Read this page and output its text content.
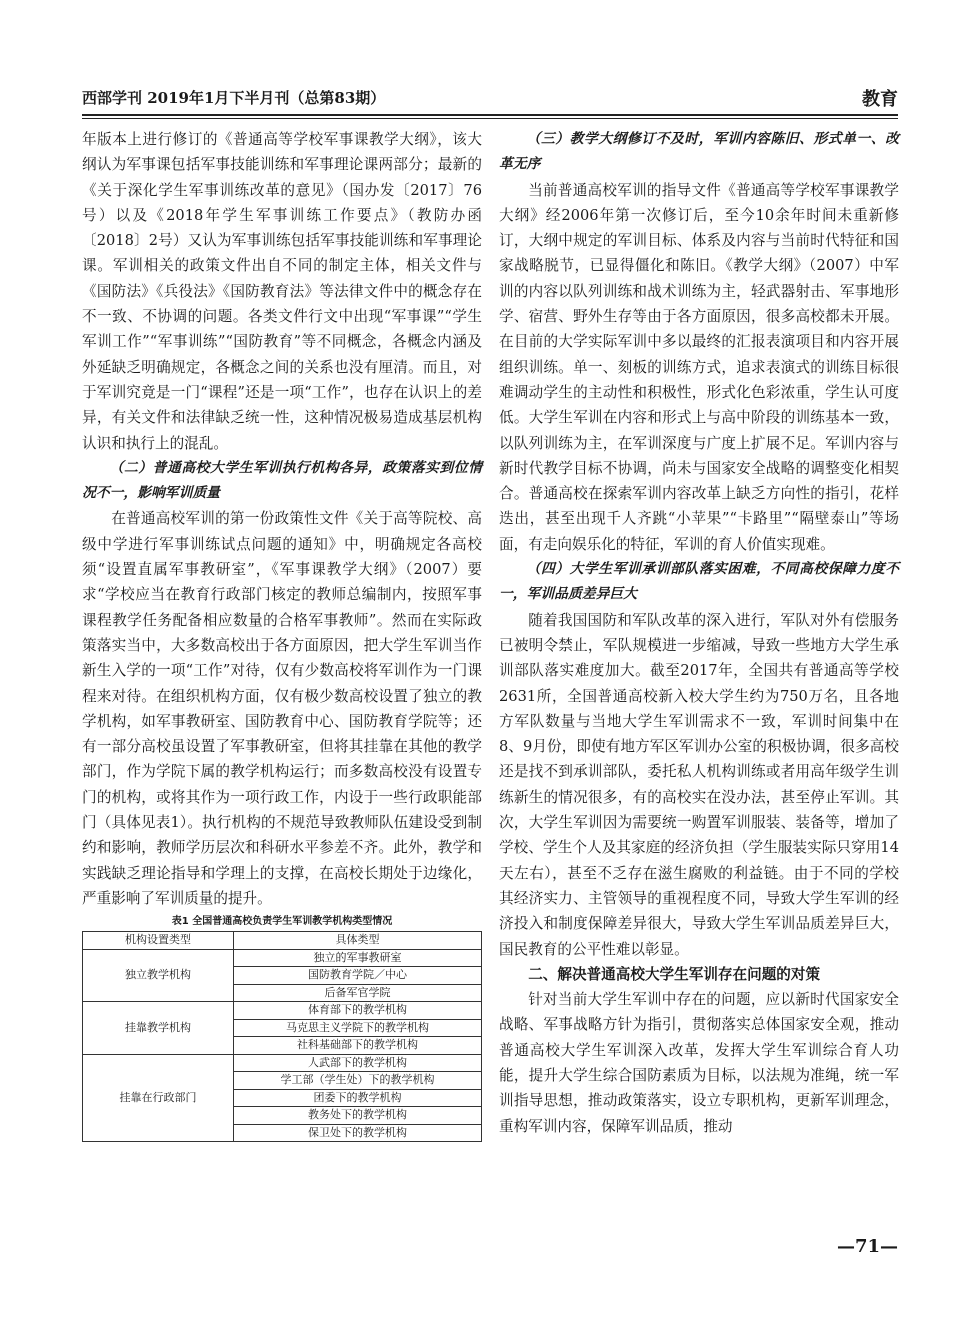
西部学刊 2019年1月下半月刊（总第83期）	教育

年版本上进行修订的《普通高等学校军事课教学大纲》，该大纲认为军事课包括军事技能训练和军事理论课两部分；最新的《关于深化学生军事训练改革的意见》（国办发〔2017〕76号）以及《2018年学生军事训练工作要点》（教防办函〔2018〕2号）又认为军事训练包括军事技能训练和军事理论课。军训相关的政策文件出自不同的制定主体，相关文件与《国防法》《兵役法》《国防教育法》等法律文件中的概念存在不一致、不协调的问题。各类文件行文中出现“军事课”“学生军训工作”“军事训练”“国防教育”等不同概念，各概念内涵及外延缺乏明确规定，各概念之间的关系也没有厘清。而且，对于军训究竟是一门“课程”还是一项“工作”，也存在认识上的差异，有关文件和法律缺乏统一性，这种情况极易造成基层机构认识和执行上的混乱。

（二）普通高校大学生军训执行机构各异，政策落实到位情况不一，影响军训质量

在普通高校军训的第一份政策性文件《关于高等院校、高级中学进行军事训练试点问题的通知》中，明确规定各高校须“设置直属军事教研室”，《军事课教学大纲》（2007）要求“学校应当在教育行政部门核定的教师总编制内，按照军事课程教学任务配备相应数量的合格军事教师”。然而在实际政策落实当中，大多数高校出于各方面原因，把大学生军训当作新生入学的一项“工作”对待，仅有少数高校将军训作为一门课程来对待。在组织机构方面，仅有极少数高校设置了独立的教学机构，如军事教研室、国防教育中心、国防教育学院等；还有一部分高校虽设置了军事教研室，但将其挂靠在其他的教学部门，作为学院下属的教学机构运行；而多数高校没有设置专门的机构，或将其作为一项行政工作，内设于一些行政职能部门（具体见表1）。执行机构的不规范导致教师队伍建设受到制约和影响，教师学历层次和科研水平参差不齐。此外，教学和实践缺乏理论指导和学理上的支撑，在高校长期处于边缘化，严重影响了军训质量的提升。

表1 全国普通高校负责学生军训教学机构类型情况
机构设置类型	具体类型
独立教学机构	独立的军事教研室
	国防教育学院／中心
	后备军官学院
挂靠教学机构	体育部下的教学机构
	马克思主义学院下的教学机构
	社科基础部下的教学机构
挂靠在行政部门	人武部下的教学机构
	学工部（学生处）下的教学机构
	团委下的教学机构
	教务处下的教学机构
	保卫处下的教学机构

（三）教学大纲修订不及时，军训内容陈旧、形式单一、改革无序

当前普通高校军训的指导文件《普通高等学校军事课教学大纲》经2006年第一次修订后，至今10余年时间未重新修订，大纲中规定的军训目标、体系及内容与当前时代特征和国家战略脱节，已显得僵化和陈旧。《教学大纲》（2007）中军训的内容以队列训练和战术训练为主，轻武器射击、军事地形学、宿营、野外生存等由于各方面原因，很多高校都未开展。在目前的大学实际军训中多以最终的汇报表演项目和内容开展组织训练。单一、刻板的训练方式，追求表演式的训练目标很难调动学生的主动性和积极性，形式化色彩浓重，学生认可度低。大学生军训在内容和形式上与高中阶段的训练基本一致，以队列训练为主，在军训深度与广度上扩展不足。军训内容与新时代教学目标不协调，尚未与国家安全战略的调整变化相契合。普通高校在探索军训内容改革上缺乏方向性的指引，花样迭出，甚至出现千人齐跳“小苹果”“卡路里”“隔壁泰山”等场面，有走向娱乐化的特征，军训的育人价值实现难。

（四）大学生军训承训部队落实困难，不同高校保障力度不一，军训品质差异巨大

随着我国国防和军队改革的深入进行，军队对外有偿服务已被明令禁止，军队规模进一步缩减，导致一些地方大学生承训部队落实难度加大。截至2017年，全国共有普通高等学校2631所，全国普通高校新入校大学生约为750万名，且各地方军队数量与当地大学生军训需求不一致，军训时间集中在8、9月份，即使有地方军区军训办公室的积极协调，很多高校还是找不到承训部队，委托私人机构训练或者用高年级学生训练新生的情况很多，有的高校实在没办法，甚至停止军训。其次，大学生军训因为需要统一购置军训服装、装备等，增加了学校、学生个人及其家庭的经济负担（学生服装实际只穿用14天左右），甚至不乏存在滋生腐败的利益链。由于不同的学校其经济实力、主管领导的重视程度不同，导致大学生军训的经济投入和制度保障差异很大，导致大学生军训品质差异巨大，国民教育的公平性难以彰显。

二、解决普通高校大学生军训存在问题的对策

针对当前大学生军训中存在的问题，应以新时代国家安全战略、军事战略方针为指引，贯彻落实总体国家安全观，推动普通高校大学生军训深入改革，发挥大学生军训综合育人功能，提升大学生综合国防素质为目标，以法规为准绳，统一军训指导思想，推动政策落实，设立专职机构，更新军训理念，重构军训内容，保障军训品质，推动

—71—
